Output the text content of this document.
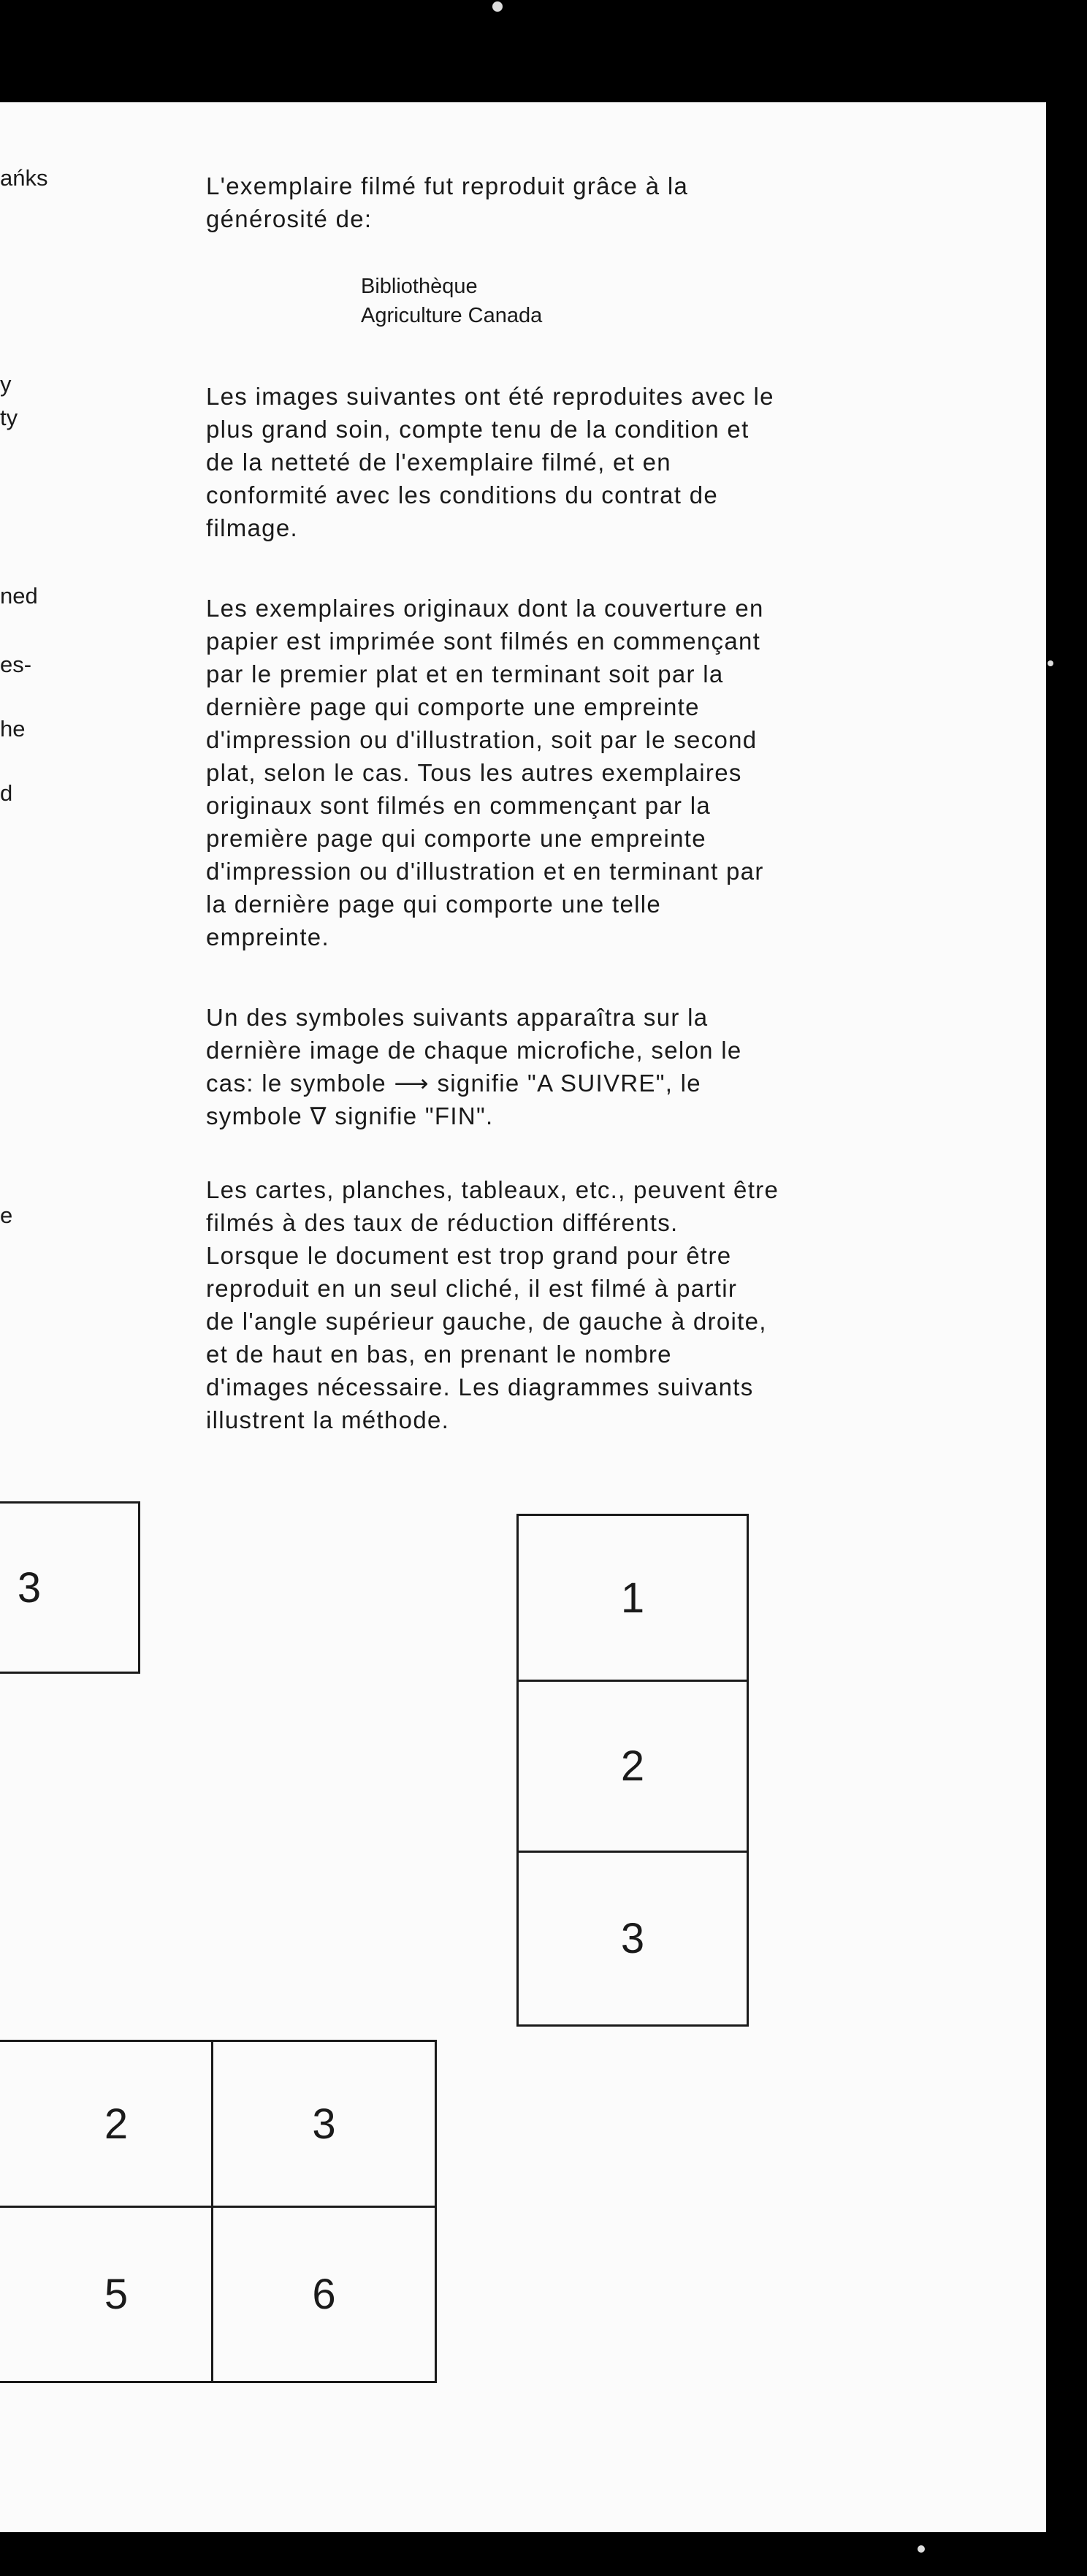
ańks
y
ty
ned
es-
he
d
e
L'exemplaire filmé fut reproduit grâce à la
générosité de:
Bibliothèque
Agriculture Canada
Les images suivantes ont été reproduites avec le
plus grand soin, compte tenu de la condition et
de la netteté de l'exemplaire filmé, et en
conformité avec les conditions du contrat de
filmage.
Les exemplaires originaux dont la couverture en
papier est imprimée sont filmés en commençant
par le premier plat et en terminant soit par la
dernière page qui comporte une empreinte
d'impression ou d'illustration, soit par le second
plat, selon le cas. Tous les autres exemplaires
originaux sont filmés en commençant par la
première page qui comporte une empreinte
d'impression ou d'illustration et en terminant par
la dernière page qui comporte une telle
empreinte.
Un des symboles suivants apparaîtra sur la
dernière image de chaque microfiche, selon le
cas: le symbole ⟶ signifie "A SUIVRE", le
symbole ∇ signifie "FIN".
Les cartes, planches, tableaux, etc., peuvent être
filmés à des taux de réduction différents.
Lorsque le document est trop grand pour être
reproduit en un seul cliché, il est filmé à partir
de l'angle supérieur gauche, de gauche à droite,
et de haut en bas, en prenant le nombre
d'images nécessaire. Les diagrammes suivants
illustrent la méthode.
3	1
2
3
2	3
5	6
